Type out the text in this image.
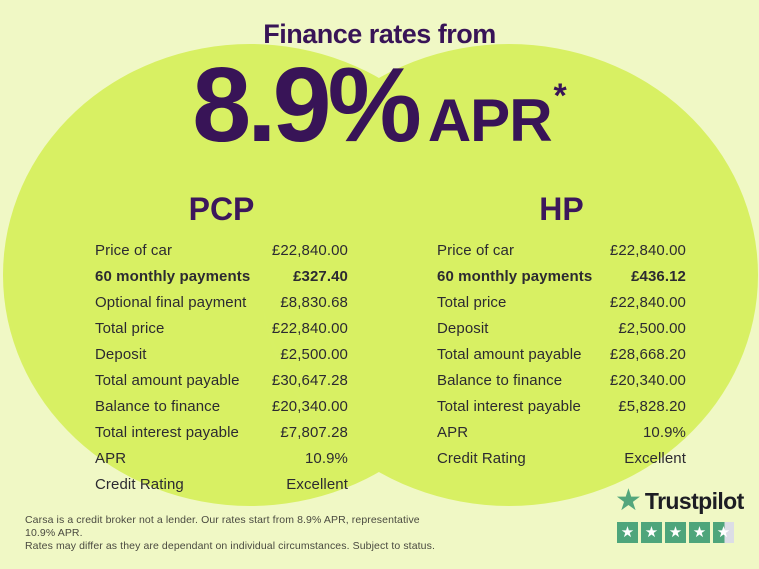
Finance rates from
8.9% APR *
PCP
Price of car	£22,840.00
60 monthly payments	£327.40
Optional final payment £8,830.68
Total price	£22,840.00
Deposit	£2,500.00
Total amount payable £30,647.28
Balance to finance	£20,340.00
Total interest payable	£7,807.28
APR	10.9%
Credit Rating	Excellent
HP
Price of car	£22,840.00
60 monthly payments	£436.12
Total price	£22,840.00
Deposit	£2,500.00
Total amount payable £28,668.20
Balance to finance	£20,340.00
Total interest payable £5,828.20
APR	10.9%
Credit Rating	Excellent

Carsa is a credit broker not a lender. Our rates start from 8.9% APR, representative 10.9% APR.
Rates may differ as they are dependant on individual circumstances. Subject to status.

★ Trustpilot
★ ★ ★ ★ ★
